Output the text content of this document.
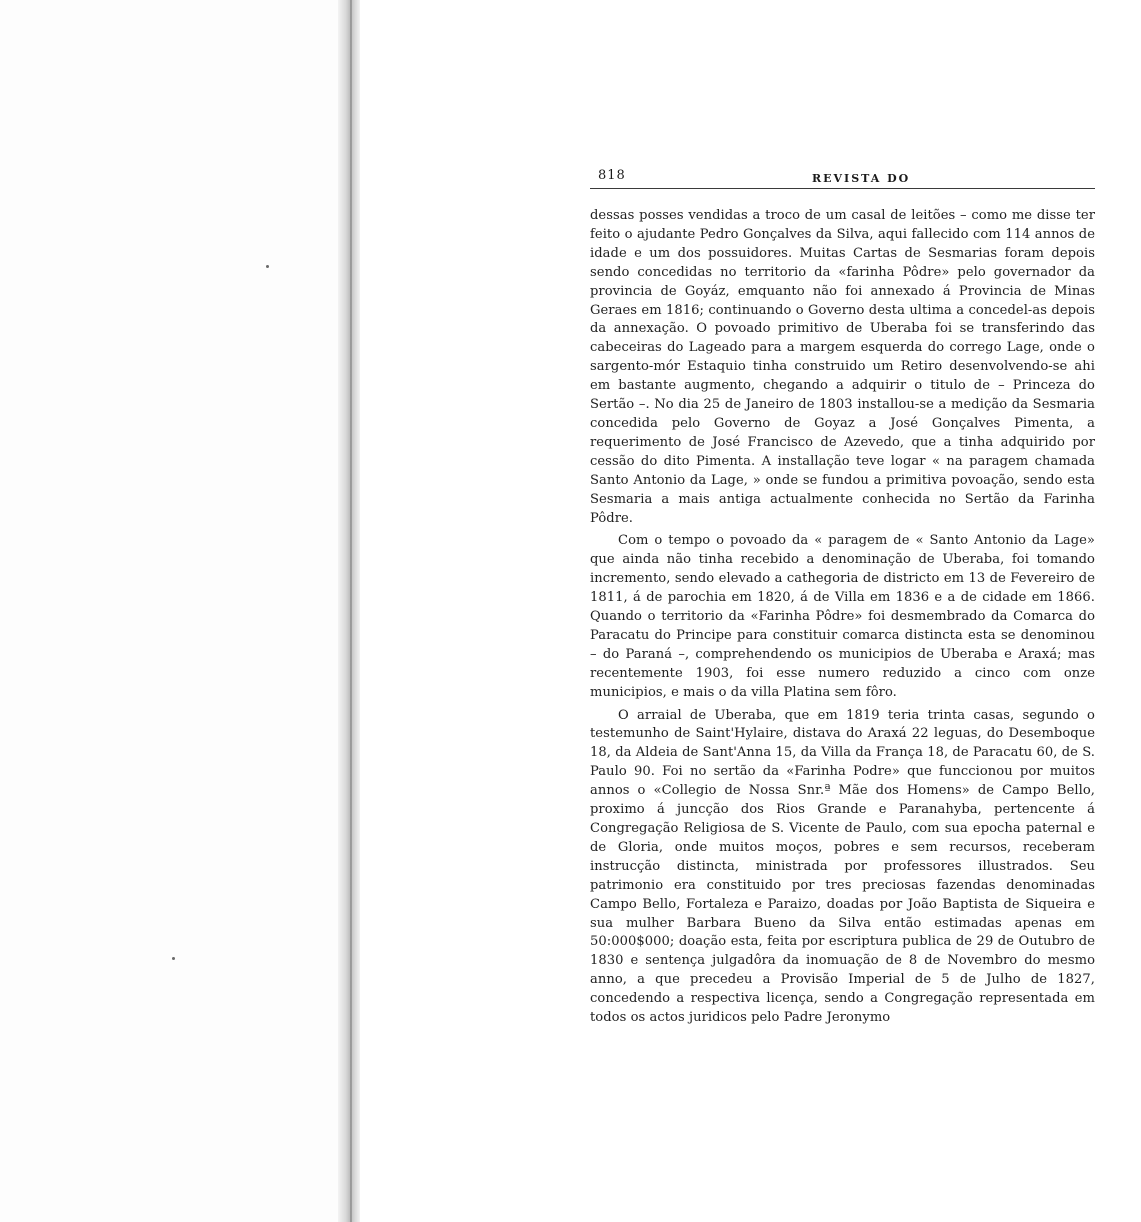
818	REVISTA DO

dessas posses vendidas a troco de um casal de leitões – como me disse ter feito o ajudante Pedro Gonçalves da Silva, aqui fallecido com 114 annos de idade e um dos possuidores. Muitas Cartas de Sesmarias foram depois sendo concedidas no territorio da «farinha Pôdre» pelo governador da provincia de Goyáz, emquanto não foi annexado á Provincia de Minas Geraes em 1816; continuando o Governo desta ultima a concedel-as depois da annexação. O povoado primitivo de Uberaba foi se transferindo das cabeceiras do Lageado para a margem esquerda do corrego Lage, onde o sargento-mór Estaquio tinha construido um Retiro desenvolvendo-se ahi em bastante augmento, chegando a adquirir o titulo de – Princeza do Sertão –. No dia 25 de Janeiro de 1803 installou-se a medição da Sesmaria concedida pelo Governo de Goyaz a José Gonçalves Pimenta, a requerimento de José Francisco de Azevedo, que a tinha adquirido por cessão do dito Pimenta. A installação teve logar « na paragem chamada Santo Antonio da Lage, » onde se fundou a primitiva povoação, sendo esta Sesmaria a mais antiga actualmente conhecida no Sertão da Farinha Pôdre.

Com o tempo o povoado da « paragem de « Santo Antonio da Lage» que ainda não tinha recebido a denominação de Uberaba, foi tomando incremento, sendo elevado a cathegoria de districto em 13 de Fevereiro de 1811, á de parochia em 1820, á de Villa em 1836 e a de cidade em 1866. Quando o territorio da «Farinha Pôdre» foi desmembrado da Comarca do Paracatu do Principe para constituir comarca distincta esta se denominou – do Paraná –, comprehendendo os municipios de Uberaba e Araxá; mas recentemente 1903, foi esse numero reduzido a cinco com onze municipios, e mais o da villa Platina sem fôro.

O arraial de Uberaba, que em 1819 teria trinta casas, segundo o testemunho de Saint'Hylaire, distava do Araxá 22 leguas, do Desemboque 18, da Aldeia de Sant'Anna 15, da Villa da França 18, de Paracatu 60, de S. Paulo 90. Foi no sertão da «Farinha Podre» que funccionou por muitos annos o «Collegio de Nossa Snr.ª Mãe dos Homens» de Campo Bello, proximo á juncção dos Rios Grande e Paranahyba, pertencente á Congregação Religiosa de S. Vicente de Paulo, com sua epocha paternal e de Gloria, onde muitos moços, pobres e sem recursos, receberam instrucção distincta, ministrada por professores illustrados. Seu patrimonio era constituido por tres preciosas fazendas denominadas Campo Bello, Fortaleza e Paraizo, doadas por João Baptista de Siqueira e sua mulher Barbara Bueno da Silva então estimadas apenas em 50:000$000; doação esta, feita por escriptura publica de 29 de Outubro de 1830 e sentença julgadôra da inomuação de 8 de Novembro do mesmo anno, a que precedeu a Provisão Imperial de 5 de Julho de 1827, concedendo a respectiva licença, sendo a Congregação representada em todos os actos juridicos pelo Padre Jeronymo
